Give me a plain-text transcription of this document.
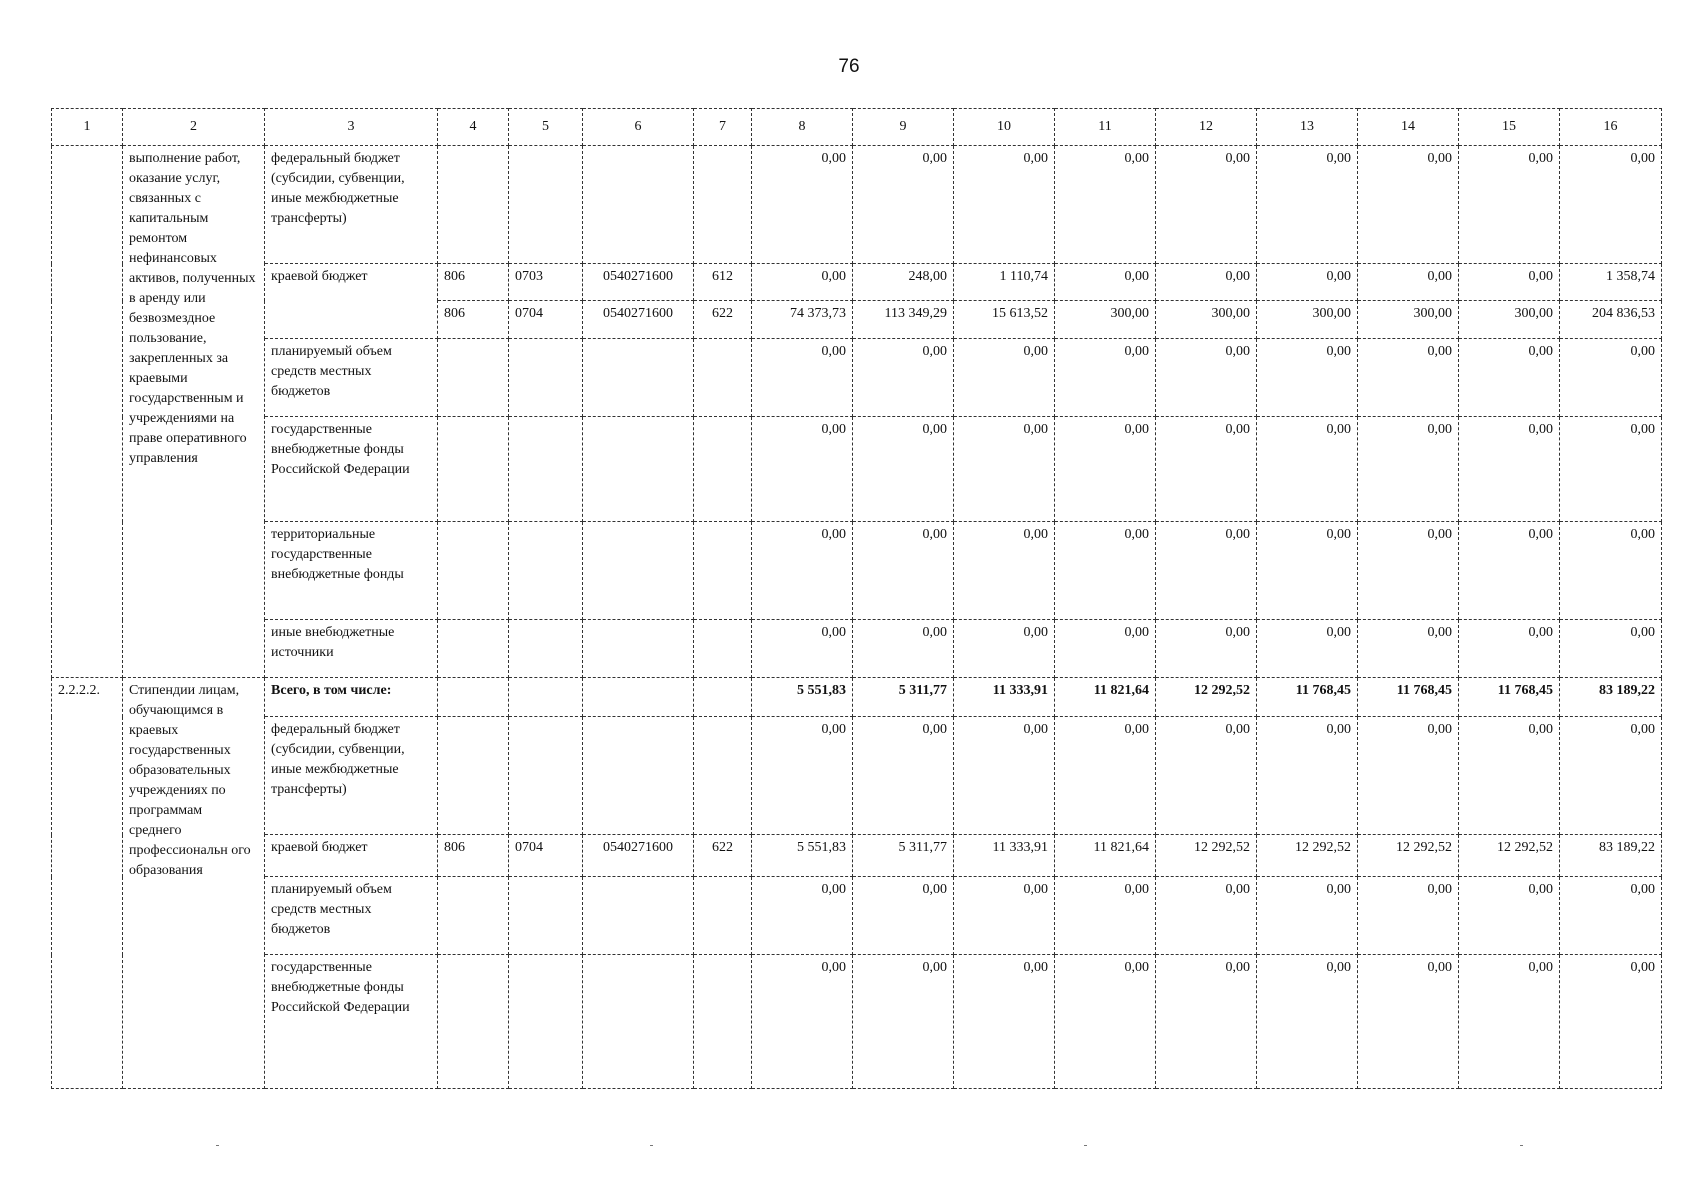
76
1	2	3	4	5	6	7	8	9	10	11	12	13	14	15	16
	выполнение работ, оказание услуг, связанных с капитальным ремонтом нефинансовых активов, полученных в аренду или безвозмездное пользование, закрепленных за краевыми государственным и учреждениями на праве оперативного управления	федеральный бюджет (субсидии, субвенции, иные межбюджетные трансферты)					0,00	0,00	0,00	0,00	0,00	0,00	0,00	0,00	0,00
		краевой бюджет	806	0703	0540271600	612	0,00	248,00	1 110,74	0,00	0,00	0,00	0,00	0,00	1 358,74
			806	0704	0540271600	622	74 373,73	113 349,29	15 613,52	300,00	300,00	300,00	300,00	300,00	204 836,53
		планируемый объем средств местных бюджетов					0,00	0,00	0,00	0,00	0,00	0,00	0,00	0,00	0,00
		государственные внебюджетные фонды Российской Федерации					0,00	0,00	0,00	0,00	0,00	0,00	0,00	0,00	0,00
		территориальные государственные внебюджетные фонды					0,00	0,00	0,00	0,00	0,00	0,00	0,00	0,00	0,00
		иные внебюджетные источники					0,00	0,00	0,00	0,00	0,00	0,00	0,00	0,00	0,00
2.2.2.2.	Стипендии лицам, обучающимся в краевых государственных образовательных учреждениях по программам среднего профессиональн ого образования	Всего, в том числе:					5 551,83	5 311,77	11 333,91	11 821,64	12 292,52	11 768,45	11 768,45	11 768,45	83 189,22
		федеральный бюджет (субсидии, субвенции, иные межбюджетные трансферты)					0,00	0,00	0,00	0,00	0,00	0,00	0,00	0,00	0,00
		краевой бюджет	806	0704	0540271600	622	5 551,83	5 311,77	11 333,91	11 821,64	12 292,52	12 292,52	12 292,52	12 292,52	83 189,22
		планируемый объем средств местных бюджетов					0,00	0,00	0,00	0,00	0,00	0,00	0,00	0,00	0,00
		государственные внебюджетные фонды Российской Федерации					0,00	0,00	0,00	0,00	0,00	0,00	0,00	0,00	0,00
